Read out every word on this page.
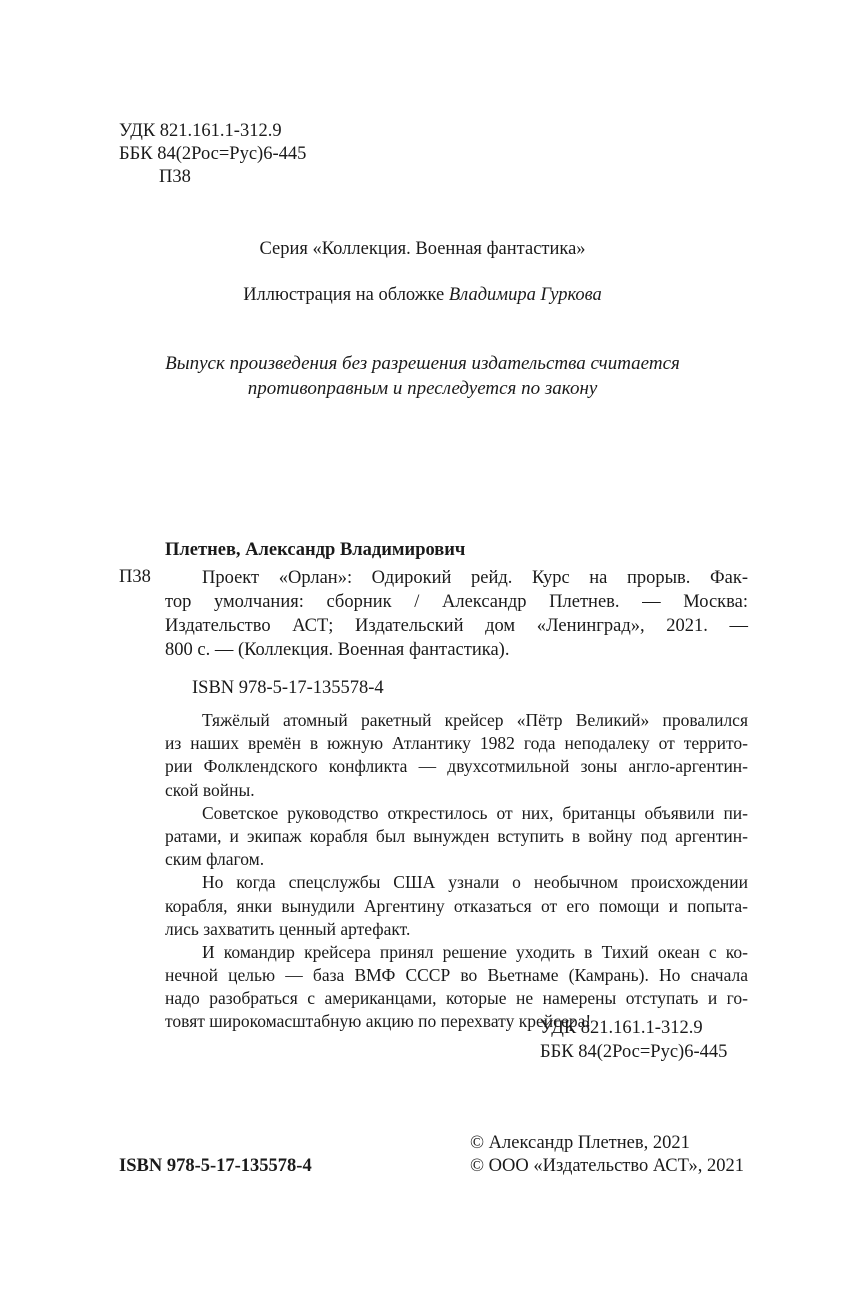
УДК 821.161.1-312.9
ББК 84(2Рос=Рус)6-445
П38
Серия «Коллекция. Военная фантастика»
Иллюстрация на обложке Владимира Гуркова
Выпуск произведения без разрешения издательства считается
противоправным и преследуется по закону
Плетнев, Александр Владимирович
П38	Проект «Орлан»: Одирокий рейд. Курс на прорыв. Фак-
тор умолчания: сборник / Александр Плетнев. — Москва:
Издательство АСТ; Издательский дом «Ленинград», 2021. —
800 с. — (Коллекция. Военная фантастика).
ISBN 978-5-17-135578-4
Тяжёлый атомный ракетный крейсер «Пётр Великий» провалился
из наших времён в южную Атлантику 1982 года неподалеку от террито-
рии Фолклендского конфликта — двухсотмильной зоны англо-аргентин-
ской войны.
Советское руководство открестилось от них, британцы объявили пи-
ратами, и экипаж корабля был вынужден вступить в войну под аргентин-
ским флагом.
Но когда спецслужбы США узнали о необычном происхождении
корабля, янки вынудили Аргентину отказаться от его помощи и попыта-
лись захватить ценный артефакт.
И командир крейсера принял решение уходить в Тихий океан с ко-
нечной целью — база ВМФ СССР во Вьетнаме (Камрань). Но сначала
надо разобраться с американцами, которые не намерены отступать и го-
товят широкомасштабную акцию по перехвату крейсера!
УДК 821.161.1-312.9
ББК 84(2Рос=Рус)6-445
© Александр Плетнев, 2021
ISBN 978-5-17-135578-4	© ООО «Издательство АСТ», 2021
